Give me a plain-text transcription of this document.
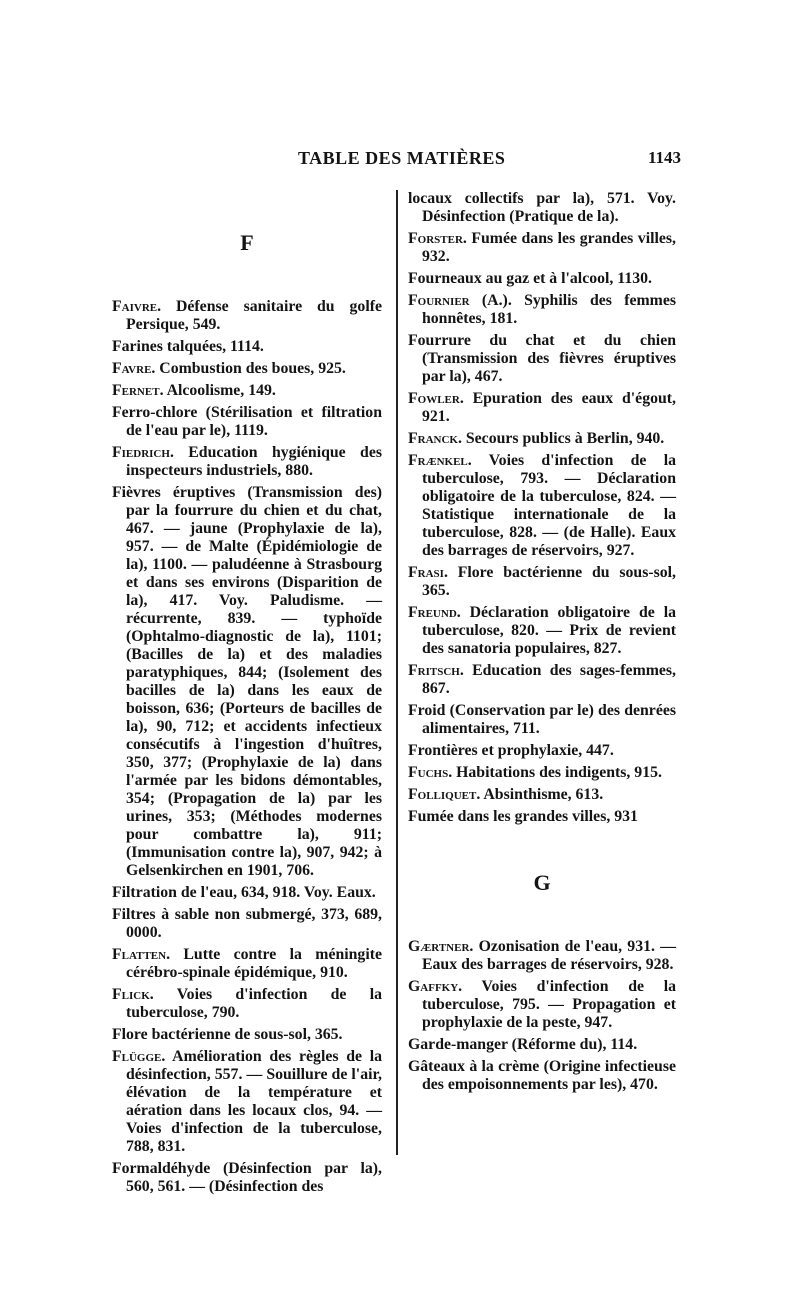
TABLE DES MATIÈRES	1143
F
Faivre. Défense sanitaire du golfe Persique, 549.
Farines talquées, 1114.
Favre. Combustion des boues, 925.
Fernet. Alcoolisme, 149.
Ferro-chlore (Stérilisation et filtration de l'eau par le), 1119.
Fiedrich. Education hygiénique des inspecteurs industriels, 880.
Fièvres éruptives (Transmission des) par la fourrure du chien et du chat, 467. — jaune (Prophylaxie de la), 957. — de Malte (Épidémiologie de la), 1100. — paludéenne à Strasbourg et dans ses environs (Disparition de la), 417. Voy. Paludisme. — récurrente, 839. — typhoïde (Ophtalmo-diagnostic de la), 1101; (Bacilles de la) et des maladies paratyphiques, 844; (Isolement des bacilles de la) dans les eaux de boisson, 636; (Porteurs de bacilles de la), 90, 712; et accidents infectieux consécutifs à l'ingestion d'huîtres, 350, 377; (Prophylaxie de la) dans l'armée par les bidons démontables, 354; (Propagation de la) par les urines, 353; (Méthodes modernes pour combattre la), 911; (Immunisation contre la), 907, 942; à Gelsenkirchen en 1901, 706.
Filtration de l'eau, 634, 918. Voy. Eaux.
Filtres à sable non submergé, 373, 689, 0000.
Flatten. Lutte contre la méningite cérébro-spinale épidémique, 910.
Flick. Voies d'infection de la tuberculose, 790.
Flore bactérienne de sous-sol, 365.
Flügge. Amélioration des règles de la désinfection, 557. — Souillure de l'air, élévation de la température et aération dans les locaux clos, 94. — Voies d'infection de la tuberculose, 788, 831.
Formaldéhyde (Désinfection par la), 560, 561. — (Désinfection des
locaux collectifs par la), 571. Voy. Désinfection (Pratique de la).
Forster. Fumée dans les grandes villes, 932.
Fourneaux au gaz et à l'alcool, 1130.
Fournier (A.). Syphilis des femmes honnêtes, 181.
Fourrure du chat et du chien (Transmission des fièvres éruptives par la), 467.
Fowler. Epuration des eaux d'égout, 921.
Franck. Secours publics à Berlin, 940.
Frænkel. Voies d'infection de la tuberculose, 793. — Déclaration obligatoire de la tuberculose, 824. — Statistique internationale de la tuberculose, 828. — (de Halle). Eaux des barrages de réservoirs, 927.
Frasi. Flore bactérienne du sous-sol, 365.
Freund. Déclaration obligatoire de la tuberculose, 820. — Prix de revient des sanatoria populaires, 827.
Fritsch. Education des sages-femmes, 867.
Froid (Conservation par le) des denrées alimentaires, 711.
Frontières et prophylaxie, 447.
Fuchs. Habitations des indigents, 915.
Folliquet. Absinthisme, 613.
Fumée dans les grandes villes, 931
G
Gærtner. Ozonisation de l'eau, 931. — Eaux des barrages de réservoirs, 928.
Gaffky. Voies d'infection de la tuberculose, 795. — Propagation et prophylaxie de la peste, 947.
Garde-manger (Réforme du), 114.
Gâteaux à la crème (Origine infectieuse des empoisonnements par les), 470.
